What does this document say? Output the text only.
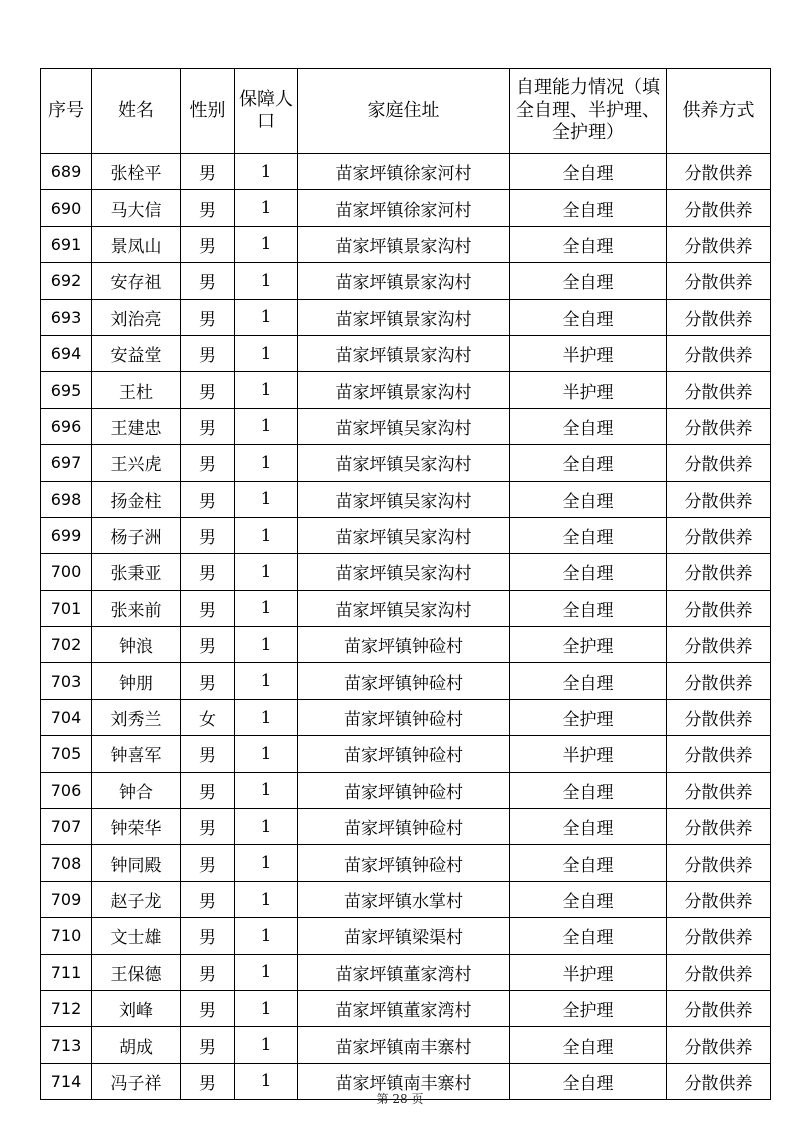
序号	姓名	性别	保障人口	家庭住址	自理能力情况（填全自理、半护理、全护理）	供养方式
689	张栓平	男	1	苗家坪镇徐家河村	全自理	分散供养
690	马大信	男	1	苗家坪镇徐家河村	全自理	分散供养
691	景凤山	男	1	苗家坪镇景家沟村	全自理	分散供养
692	安存祖	男	1	苗家坪镇景家沟村	全自理	分散供养
693	刘治亮	男	1	苗家坪镇景家沟村	全自理	分散供养
694	安益堂	男	1	苗家坪镇景家沟村	半护理	分散供养
695	王杜	男	1	苗家坪镇景家沟村	半护理	分散供养
696	王建忠	男	1	苗家坪镇吴家沟村	全自理	分散供养
697	王兴虎	男	1	苗家坪镇吴家沟村	全自理	分散供养
698	扬金柱	男	1	苗家坪镇吴家沟村	全自理	分散供养
699	杨子洲	男	1	苗家坪镇吴家沟村	全自理	分散供养
700	张秉亚	男	1	苗家坪镇吴家沟村	全自理	分散供养
701	张来前	男	1	苗家坪镇吴家沟村	全自理	分散供养
702	钟浪	男	1	苗家坪镇钟硷村	全护理	分散供养
703	钟朋	男	1	苗家坪镇钟硷村	全自理	分散供养
704	刘秀兰	女	1	苗家坪镇钟硷村	全护理	分散供养
705	钟喜军	男	1	苗家坪镇钟硷村	半护理	分散供养
706	钟合	男	1	苗家坪镇钟硷村	全自理	分散供养
707	钟荣华	男	1	苗家坪镇钟硷村	全自理	分散供养
708	钟同殿	男	1	苗家坪镇钟硷村	全自理	分散供养
709	赵子龙	男	1	苗家坪镇水掌村	全自理	分散供养
710	文士雄	男	1	苗家坪镇梁渠村	全自理	分散供养
711	王保德	男	1	苗家坪镇董家湾村	半护理	分散供养
712	刘峰	男	1	苗家坪镇董家湾村	全护理	分散供养
713	胡成	男	1	苗家坪镇南丰寨村	全自理	分散供养
714	冯子祥	男	1	苗家坪镇南丰寨村	全自理	分散供养
第 28 页
